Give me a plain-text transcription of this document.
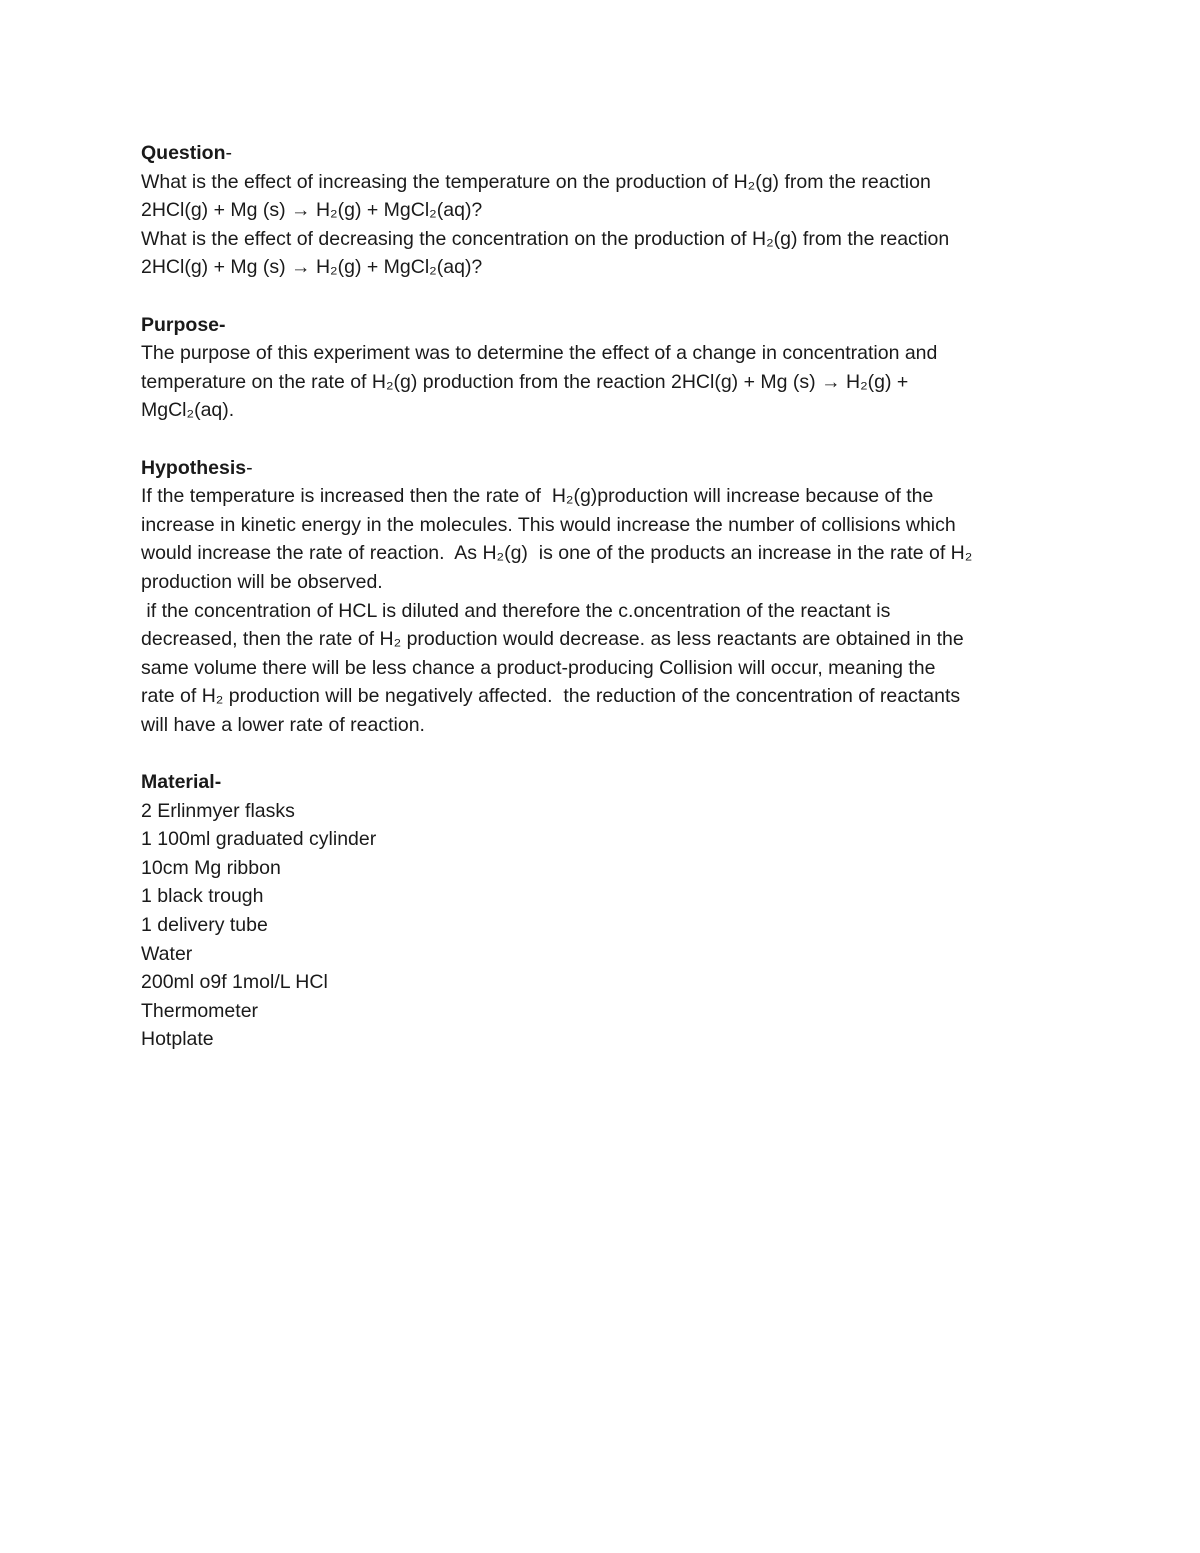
Question-
What is the effect of increasing the temperature on the production of H₂(g) from the reaction
2HCl(g) + Mg (s) → H₂(g) + MgCl₂(aq)?
What is the effect of decreasing the concentration on the production of H₂(g) from the reaction
2HCl(g) + Mg (s) → H₂(g) + MgCl₂(aq)?
Purpose-
The purpose of this experiment was to determine the effect of a change in concentration and
temperature on the rate of H₂(g) production from the reaction 2HCl(g) + Mg (s) → H₂(g) +
MgCl₂(aq).
Hypothesis-
If the temperature is increased then the rate of  H₂(g)production will increase because of the
increase in kinetic energy in the molecules. This would increase the number of collisions which
would increase the rate of reaction.  As H₂(g)  is one of the products an increase in the rate of H₂
production will be observed.
if the concentration of HCL is diluted and therefore the c.oncentration of the reactant is
decreased, then the rate of H₂ production would decrease. as less reactants are obtained in the
same volume there will be less chance a product-producing Collision will occur, meaning the
rate of H₂ production will be negatively affected.  the reduction of the concentration of reactants
will have a lower rate of reaction.
Material-
2 Erlinmyer flasks
1 100ml graduated cylinder
10cm Mg ribbon
1 black trough
1 delivery tube
Water
200ml o9f 1mol/L HCl
Thermometer
Hotplate
